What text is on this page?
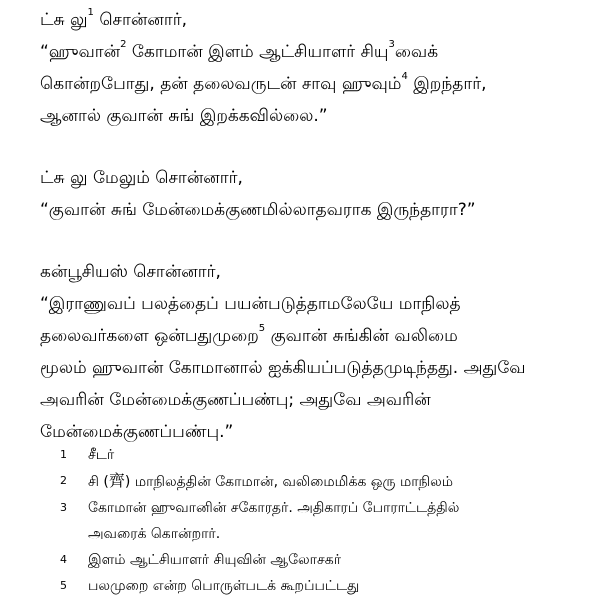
ட்சு லு$^1$ சொன்னார்,
“ஹுவான்$^2$ கோமான் இளம் ஆட்சியாளர் சியு$^3$வைக்
கொன்றபோது, தன் தலைவருடன் சாவு ஹுவும்$^4$ இறந்தார்,
ஆனால் குவான் சுங் இறக்கவில்லை.”
ட்சு லு மேலும் சொன்னார்,
“குவான் சுங் மேன்மைக்குணமில்லாதவராக இருந்தாரா?”
கன்பூசியஸ் சொன்னார்,
“இராணுவப் பலத்தைப் பயன்படுத்தாமலேயே மாநிலத்
தலைவர்களை ஒன்பதுமுறை$^5$ குவான் சுங்கின் வலிமை
மூலம் ஹுவான் கோமானால் ஐக்கியப்படுத்தமுடிந்தது. அதுவே
அவரின் மேன்மைக்குணப்பண்பு; அதுவே அவரின்
மேன்மைக்குணப்பண்பு.”
1	சீடர்
2	சி (齊) மாநிலத்தின் கோமான், வலிமைமிக்க ஒரு மாநிலம்
3	கோமான் ஹுவானின் சகோரதர். அதிகாரப் போராட்டத்தில்
அவரைக் கொன்றார்.
4	இளம் ஆட்சியாளர் சியுவின் ஆலோசகர்
5	பலமுறை என்ற பொருள்படக் கூறப்பட்டது
